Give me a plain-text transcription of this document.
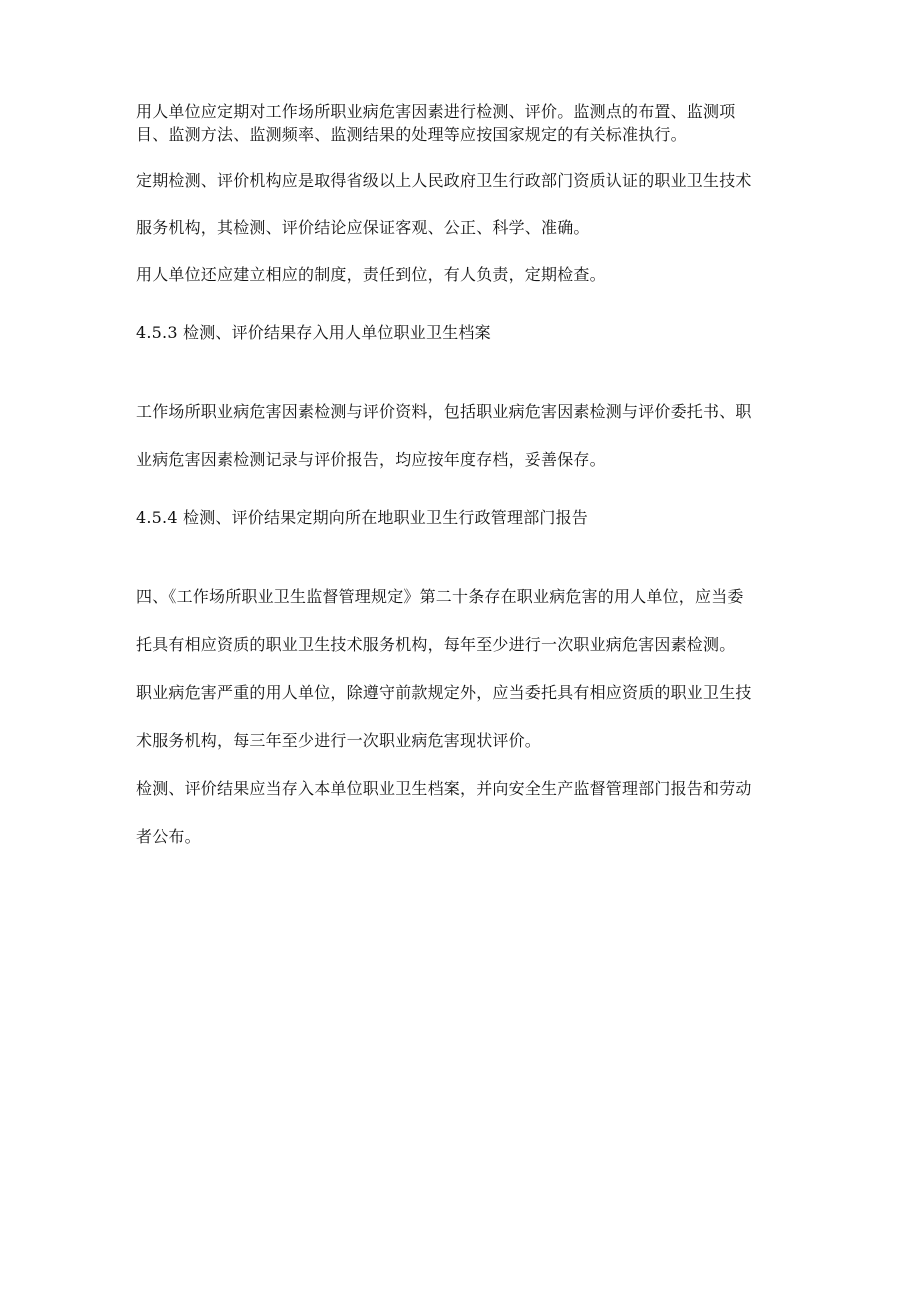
用人单位应定期对工作场所职业病危害因素进行检测、评价。监测点的布置、监测项
目、监测方法、监测频率、监测结果的处理等应按国家规定的有关标准执行。
定期检测、评价机构应是取得省级以上人民政府卫生行政部门资质认证的职业卫生技术
服务机构，其检测、评价结论应保证客观、公正、科学、准确。
用人单位还应建立相应的制度，责任到位，有人负责，定期检查。
4.5.3 检测、评价结果存入用人单位职业卫生档案
工作场所职业病危害因素检测与评价资料，包括职业病危害因素检测与评价委托书、职
业病危害因素检测记录与评价报告，均应按年度存档，妥善保存。
4.5.4 检测、评价结果定期向所在地职业卫生行政管理部门报告
四、《工作场所职业卫生监督管理规定》第二十条存在职业病危害的用人单位，应当委
托具有相应资质的职业卫生技术服务机构，每年至少进行一次职业病危害因素检测。
职业病危害严重的用人单位，除遵守前款规定外，应当委托具有相应资质的职业卫生技
术服务机构，每三年至少进行一次职业病危害现状评价。
检测、评价结果应当存入本单位职业卫生档案，并向安全生产监督管理部门报告和劳动
者公布。
